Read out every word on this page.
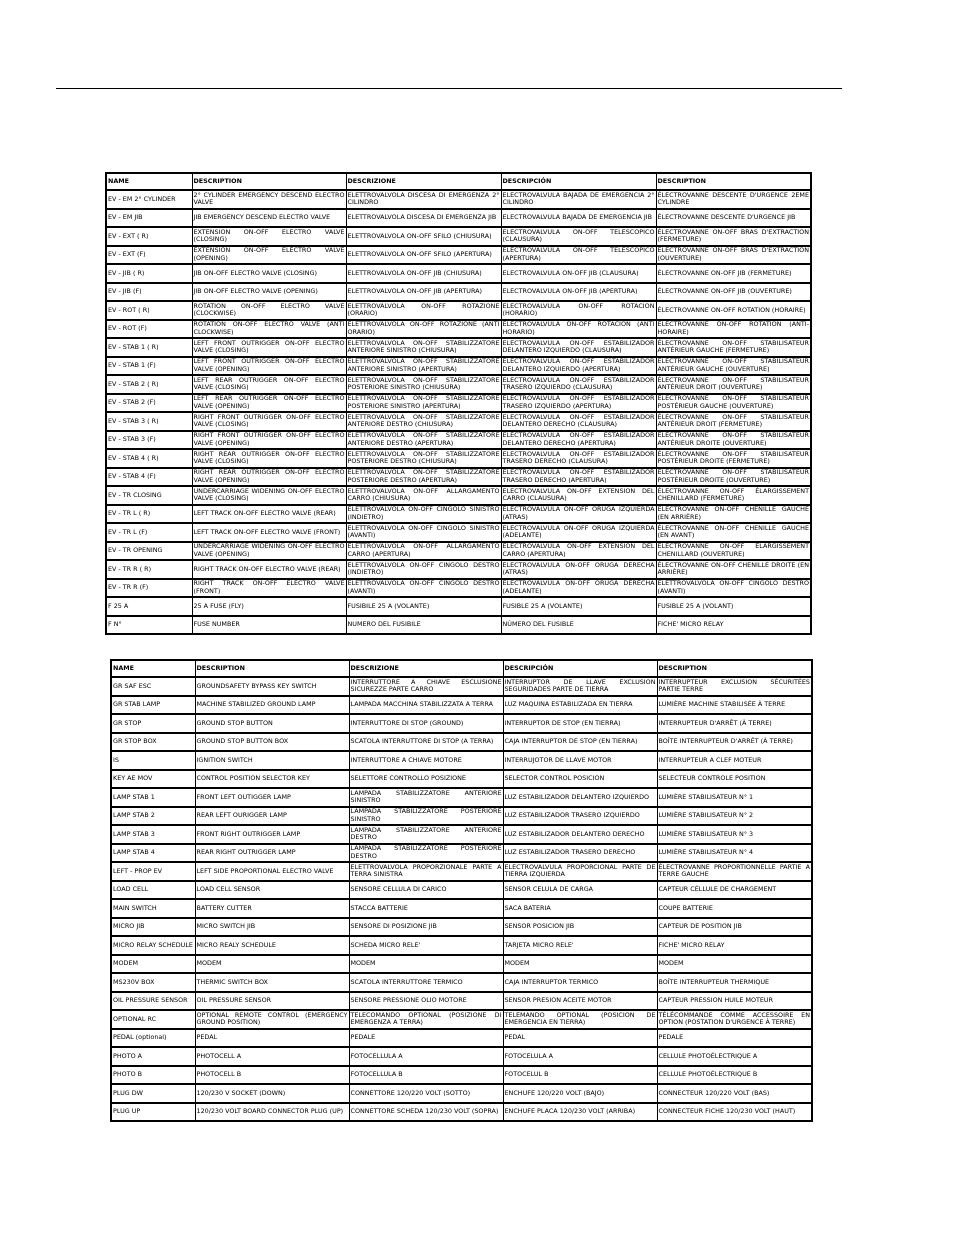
NAME	DESCRIPTION	DESCRIZIONE	DESCRIPCIÓN	DESCRIPTION
EV - EM 2° CYLINDER	2° CYLINDER EMERGENCY DESCEND ELECTRO VALVE	ELETTROVALVOLA DISCESA DI EMERGENZA 2° CILINDRO	ELECTROVALVULA BAJADA DE EMERGENCIA 2° CILINDRO	ÉLECTROVANNE DESCENTE D'URGENCE 2EME CYLINDRE
EV - EM JIB	JIB EMERGENCY DESCEND ELECTRO VALVE	ELETTROVALVOLA DISCESA DI EMERGENZA JIB	ELECTROVALVULA BAJADA DE EMERGENCIA JIB	ÉLECTROVANNE DESCENTE D'URGENCE JIB
EV - EXT ( R)	EXTENSION ON-OFF ELECTRO VALVE (CLOSING)	ELETTROVALVOLA ON-OFF SFILO (CHIUSURA)	ELECTROVALVULA ON-OFF TELESCOPICO (CLAUSURA)	ÉLECTROVANNE ON-OFF BRAS D'EXTRACTION (FERMETURE)
EV - EXT (F)	EXTENSION ON-OFF ELECTRO VALVE (OPENING)	ELETTROVALVOLA ON-OFF SFILO (APERTURA)	ELECTROVALVULA ON-OFF TELESCOPICO (APERTURA)	ÉLECTROVANNE ON-OFF BRAS D'EXTRACTION (OUVERTURE)
EV - JIB ( R)	JIB ON-OFF ELECTRO VALVE (CLOSING)	ELETTROVALVOLA ON-OFF JIB (CHIUSURA)	ELECTROVALVULA ON-OFF JIB (CLAUSURA)	ÉLECTROVANNE ON-OFF JIB (FERMETURE)
EV - JIB (F)	JIB ON-OFF ELECTRO VALVE (OPENING)	ELETTROVALVOLA ON-OFF JIB (APERTURA)	ELECTROVALVULA ON-OFF JIB (APERTURA)	ÉLECTROVANNE ON-OFF JIB (OUVERTURE)
EV - ROT ( R)	ROTATION ON-OFF ELECTRO VALVE (CLOCKWISE)	ELETTROVALVOLA ON-OFF ROTAZIONE (ORARIO)	ELECTROVALVULA ON-OFF ROTACION (HORARIO)	ÉLECTROVANNE ON-OFF ROTATION (HORAIRE)
EV - ROT (F)	ROTATION ON-OFF ELECTRO VALVE (ANTI CLOCKWISE)	ELETTROVALVOLA ON-OFF ROTAZIONE (ANTI ORARIO)	ELECTROVALVULA ON-OFF ROTACION (ANTI HORARIO)	ÉLECTROVANNE ON-OFF ROTATION (ANTI-HORAIRE)
EV - STAB 1 ( R)	LEFT FRONT OUTRIGGER ON-OFF ELECTRO VALVE (CLOSING)	ELETTROVALVOLA ON-OFF STABILIZZATORE ANTERIORE SINISTRO (CHIUSURA)	ELECTROVALVULA ON-OFF ESTABILIZADOR DELANTERO IZQUIERDO (CLAUSURA)	ÉLECTROVANNE ON-OFF STABILISATEUR ANTÉRIEUR GAUCHE (FERMETURE)
EV - STAB 1 (F)	LEFT FRONT OUTRIGGER ON-OFF ELECTRO VALVE (OPENING)	ELETTROVALVOLA ON-OFF STABILIZZATORE ANTERIORE SINISTRO (APERTURA)	ELECTROVALVULA ON-OFF ESTABILIZADOR DELANTERO IZQUIERDO (APERTURA)	ÉLECTROVANNE ON-OFF STABILISATEUR ANTÉRIEUR GAUCHE (OUVERTURE)
EV - STAB 2 ( R)	LEFT REAR OUTRIGGER ON-OFF ELECTRO VALVE (CLOSING)	ELETTROVALVOLA ON-OFF STABILIZZATORE POSTERIORE SINISTRO (CHIUSURA)	ELECTROVALVULA ON-OFF ESTABILIZADOR TRASERO IZQUIERDO (CLAUSURA)	ÉLECTROVANNE ON-OFF STABILISATEUR ANTÉRIEUR DROIT (OUVERTURE)
EV - STAB 2 (F)	LEFT REAR OUTRIGGER ON-OFF ELECTRO VALVE (OPENING)	ELETTROVALVOLA ON-OFF STABILIZZATORE POSTERIORE SINISTRO (APERTURA)	ELECTROVALVULA ON-OFF ESTABILIZADOR TRASERO IZQUIERDO (APERTURA)	ÉLECTROVANNE ON-OFF STABILISATEUR POSTÉRIEUR GAUCHE (OUVERTURE)
EV - STAB 3 ( R)	RIGHT FRONT OUTRIGGER ON-OFF ELECTRO VALVE (CLOSING)	ELETTROVALVOLA ON-OFF STABILIZZATORE ANTERIORE DESTRO (CHIUSURA)	ELECTROVALVULA ON-OFF ESTABILIZADOR DELANTERO DERECHO (CLAUSURA)	ÉLECTROVANNE ON-OFF STABILISATEUR ANTÉRIEUR DROIT (FERMETURE)
EV - STAB 3 (F)	RIGHT FRONT OUTRIGGER ON-OFF ELECTRO VALVE (OPENING)	ELETTROVALVOLA ON-OFF STABILIZZATORE ANTERIORE DESTRO (APERTURA)	ELECTROVALVULA ON-OFF ESTABILIZADOR DELANTERO DERECHO (APERTURA)	ÉLECTROVANNE ON-OFF STABILISATEUR ANTÉRIEUR DROITE (OUVERTURE)
EV - STAB 4 ( R)	RIGHT REAR OUTRIGGER ON-OFF ELECTRO VALVE (CLOSING)	ELETTROVALVOLA ON-OFF STABILIZZATORE POSTERIORE DESTRO (CHIUSURA)	ELECTROVALVULA ON-OFF ESTABILIZADOR TRASERO DERECHO (CLAUSURA)	ÉLECTROVANNE ON-OFF STABILISATEUR POSTÉRIEUR DROITE (FERMETURE)
EV - STAB 4 (F)	RIGHT REAR OUTRIGGER ON-OFF ELECTRO VALVE (OPENING)	ELETTROVALVOLA ON-OFF STABILIZZATORE POSTERIORE DESTRO (APERTURA)	ELECTROVALVULA ON-OFF ESTABILIZADOR TRASERO DERECHO (APERTURA)	ÉLECTROVANNE ON-OFF STABILISATEUR POSTÉRIEUR DROITE (OUVERTURE)
EV - TR CLOSING	UNDERCARRIAGE WIDENING ON-OFF ELECTRO VALVE (CLOSING)	ELETTROVALVOLA ON-OFF ALLARGAMENTO CARRO (CHIUSURA)	ELECTROVALVULA ON-OFF EXTENSION DEL CARRO (CLAUSURA)	ÉLECTROVANNE ON-OFF ÉLARGISSEMENT CHENILLARD (FERMETURE)
EV - TR L ( R)	LEFT TRACK ON-OFF ELECTRO VALVE (REAR)	ELETTROVALVOLA ON-OFF CINGOLO SINISTRO (INDIETRO)	ELECTROVALVULA ON-OFF ORUGA IZQUIERDA (ATRAS)	ÉLECTROVANNE ON-OFF CHENILLE GAUCHE (EN ARRIÈRE)
EV - TR L (F)	LEFT TRACK ON-OFF ELECTRO VALVE (FRONT)	ELETTROVALVOLA ON-OFF CINGOLO SINISTRO (AVANTI)	ELECTROVALVULA ON-OFF ORUGA IZQUIERDA (ADELANTE)	ÉLECTROVANNE ON-OFF CHENILLE GAUCHE (EN AVANT)
EV - TR OPENING	UNDERCARRIAGE WIDENING ON-OFF ELECTRO VALVE (OPENING)	ELETTROVALVOLA ON-OFF ALLARGAMENTO CARRO (APERTURA)	ELECTROVALVULA ON-OFF EXTENSION DEL CARRO (APERTURA)	ÉLECTROVANNE ON-OFF ÉLARGISSEMENT CHENILLARD (OUVERTURE)
EV - TR R ( R)	RIGHT TRACK ON-OFF ELECTRO VALVE (REAR)	ELETTROVALVOLA ON-OFF CINGOLO DESTRO (INDIETRO)	ELECTROVALVULA ON-OFF ORUGA DERECHA (ATRAS)	ÉLECTROVANNE ON-OFF CHENILLE DROITE (EN ARRIÈRE)
EV - TR R (F)	RIGHT TRACK ON-OFF ELECTRO VALVE (FRONT)	ELETTROVALVOLA ON-OFF CINGOLO DESTRO (AVANTI)	ELECTROVALVULA ON-OFF ORUGA DERECHA (ADELANTE)	ELETTROVALVOLA ON-OFF CINGOLO DESTRO (AVANTI)
F 25 A	25 A FUSE (FLY)	FUSIBILE 25 A (VOLANTE)	FUSIBLE 25 A (VOLANTE)	FUSIBLE 25 A (VOLANT)
F N°	FUSE NUMBER	NUMERO DEL FUSIBILE	NÚMERO DEL FUSIBLE	FICHE' MICRO RELAY
NAME	DESCRIPTION	DESCRIZIONE	DESCRIPCIÓN	DESCRIPTION
GR SAF ESC	GROUNDSAFETY BYPASS KEY SWITCH	INTERRUTTORE A CHIAVE ESCLUSIONE SICUREZZE PARTE CARRO	INTERRUPTOR DE LLAVE EXCLUSION SEGURIDADES PARTE DE TIERRA	INTERRUPTEUR EXCLUSION SÉCURITÉES PARTIE TERRE
GR STAB LAMP	MACHINE STABILIZED GROUND LAMP	LAMPADA MACCHINA STABILIZZATA A TERRA	LUZ MAQUINA ESTABILIZADA EN TIERRA	LUMIÈRE MACHINE STABILISÉE À TERRE
GR STOP	GROUND STOP BUTTON	INTERRUTTORE DI STOP (GROUND)	INTERRUPTOR DE STOP (EN TIERRA)	INTERRUPTEUR D'ARRÊT (À TERRE)
GR STOP BOX	GROUND STOP BUTTON BOX	SCATOLA INTERRUTTORE DI STOP (A TERRA)	CAJA INTERRUPTOR DE STOP (EN TIERRA)	BOÎTE INTERRUPTEUR D'ARRÊT (À TERRE)
IS	IGNITION SWITCH	INTERRUTTORE A CHIAVE MOTORE	INTERRUJOTOR DE LLAVE MOTOR	INTERRUPTEUR A CLEF MOTEUR
KEY AE MOV	CONTROL POSITION SELECTOR KEY	SELETTORE CONTROLLO POSIZIONE	SELECTOR CONTROL POSICION	SELECTEUR CONTROLE POSITION
LAMP STAB 1	FRONT LEFT OUTIGGER LAMP	LAMPADA STABILIZZATORE ANTERIORE SINISTRO	LUZ ESTABILIZADOR DELANTERO IZQUIERDO	LUMIÈRE STABILISATEUR N° 1
LAMP STAB 2	REAR LEFT OURIGGER LAMP	LAMPADA STABILIZZATORE POSTERIORE SINISTRO	LUZ ESTABILIZADOR TRASERO IZQUIERDO	LUMIÈRE STABILISATEUR N° 2
LAMP STAB 3	FRONT RIGHT OUTRIGGER LAMP	LAMPADA STABILIZZATORE ANTERIORE DESTRO	LUZ ESTABILIZADOR DELANTERO DERECHO	LUMIÈRE STABILISATEUR N° 3
LAMP STAB 4	REAR RIGHT OUTRIGGER LAMP	LAMPADA STABILIZZATORE POSTERIORE DESTRO	LUZ ESTABILIZADOR TRASERO DERECHO	LUMIÈRE STABILISATEUR N° 4
LEFT - PROP EV	LEFT SIDE PROPORTIONAL ELECTRO VALVE	ELETTROVALVOLA PROPORZIONALE PARTE A TERRA SINISTRA	ELECTROVALVULA PROPORCIONAL PARTE DE TIERRA IZQUIERDA	ÉLECTROVANNE PROPORTIONNELLE PARTIE A TERRE GAUCHE
LOAD CELL	LOAD CELL SENSOR	SENSORE CELLULA DI CARICO	SENSOR CELULA DE CARGA	CAPTEUR CÉLLULE DE CHARGEMENT
MAIN SWITCH	BATTERY CUTTER	STACCA BATTERIE	SACA BATERIA	COUPE BATTERIE
MICRO JIB	MICRO SWITCH JIB	SENSORE DI POSIZIONE JIB	SENSOR POSICION JIB	CAPTEUR DE POSITION JIB
MICRO RELAY SCHEDULE	MICRO REALY SCHEDULE	SCHEDA MICRO RELE'	TARJETA MICRO RELE'	FICHE' MICRO RELAY
MODEM	MODEM	MODEM	MODEM	MODEM
MS230V BOX	THERMIC SWITCH BOX	SCATOLA INTERRUTTORE TERMICO	CAJA INTERRUPTOR TERMICO	BOÎTE INTERRUPTEUR THERMIQUE
OIL PRESSURE SENSOR	OIL PRESSURE SENSOR	SENSORE PRESSIONE OLIO MOTORE	SENSOR PRESION ACEITE MOTOR	CAPTEUR PRESSION HUILE MOTEUR
OPTIONAL RC	OPTIONAL REMOTE CONTROL (EMERGENCY GROUND POSITION)	TELECOMANDO OPTIONAL (POSIZIONE DI EMERGENZA A TERRA)	TELEMANDO OPTIONAL (POSICION DE EMERGENCIA EN TIERRA)	TÉLÉCOMMANDE COMME ACCESSOIRE EN OPTION (POSTATION D'URGENCE À TERRE)
PEDAL (optional)	PEDAL	PEDALE	PEDAL	PEDALE
PHOTO A	PHOTOCELL A	FOTOCELLULA A	FOTOCELULA A	CELLULE PHOTOÉLECTRIQUE A
PHOTO B	PHOTOCELL B	FOTOCELLULA B	FOTOCELUL B	CELLULE PHOTOÉLECTRIQUE B
PLUG DW	120/230 V SOCKET (DOWN)	CONNETTORE 120/220 VOLT (SOTTO)	ENCHUFE 120/220 VOLT (BAJO)	CONNECTEUR 120/220 VOLT (BAS)
PLUG UP	120/230 VOLT BOARD CONNECTOR PLUG (UP)	CONNETTORE SCHEDA 120/230 VOLT (SOPRA)	ENCHUFE PLACA 120/230 VOLT (ARRIBA)	CONNECTEUR FICHE 120/230 VOLT (HAUT)
